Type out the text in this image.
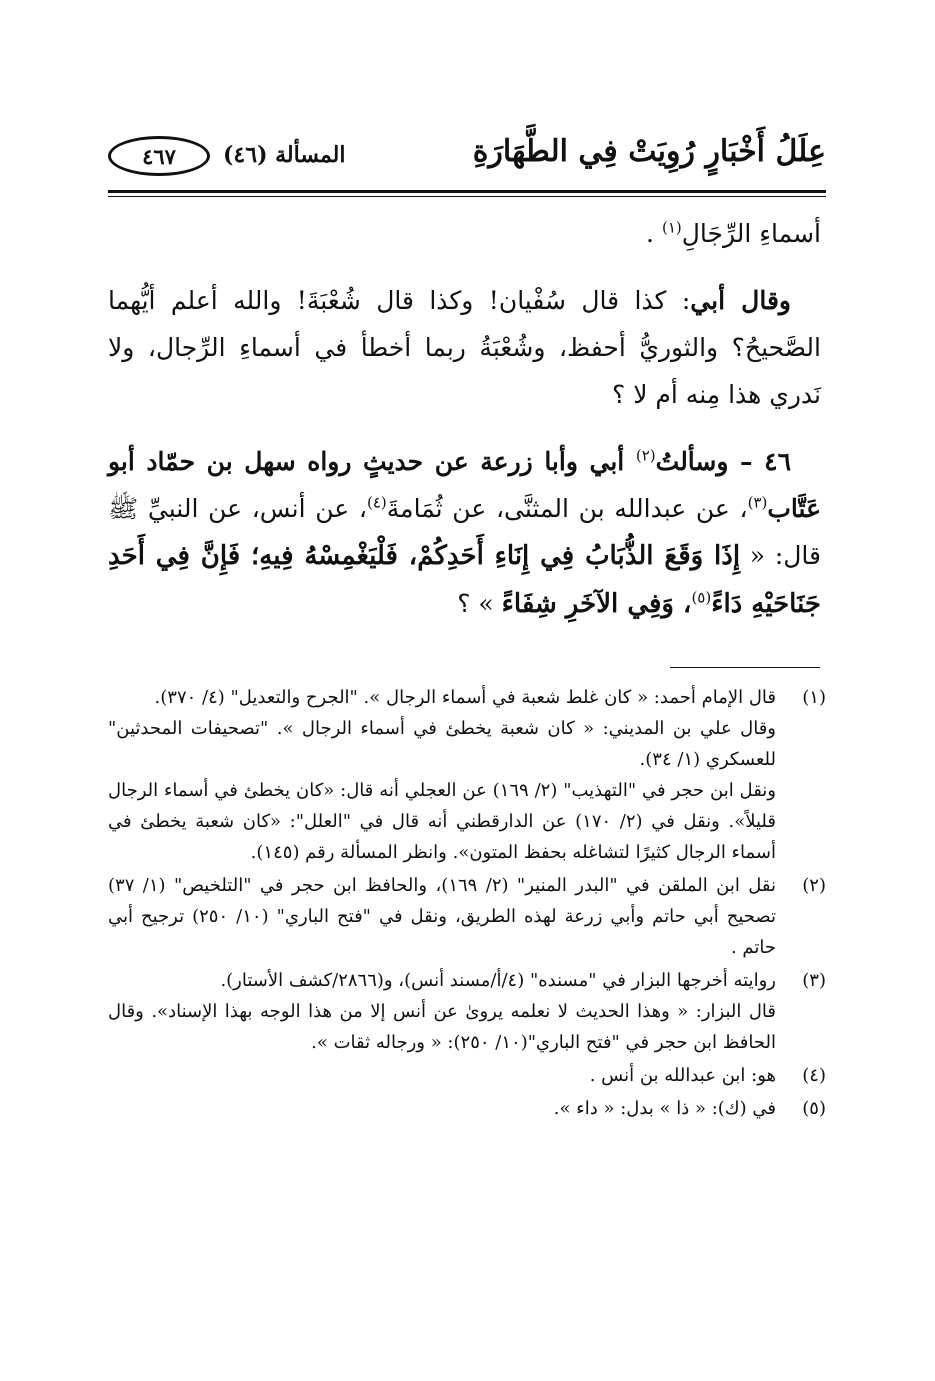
عِلَلُ أَخْبَارٍ رُوِيَتْ فِي الطَّهَارَةِ
المسألة (٤٦)
٤٦٧

أسماءِ الرِّجَالِ$^{(١)}$ .

وقال أبي: كذا قال سُفْيان! وكذا قال شُعْبَةَ! والله أعلم أيُّهما الصَّحيحُ؟ والثوريُّ أحفظ، وشُعْبَةُ ربما أخطأ في أسماءِ الرِّجال، ولا نَدري هذا مِنه أم لا ؟

٤٦ – وسألتُ$^{(٢)}$ أبي وأبا زرعة عن حديثٍ رواه سهل بن حمّاد أبو عَتَّاب$^{(٣)}$، عن عبدالله بن المثنَّى، عن ثُمَامةَ$^{(٤)}$، عن أنس، عن النبيِّ ﷺ قال: « إِذَا وَقَعَ الذُّبَابُ فِي إِنَاءِ أَحَدِكُمْ، فَلْيَغْمِسْهُ فِيهِ؛ فَإِنَّ فِي أَحَدِ جَنَاحَيْهِ دَاءً$^{(٥)}$، وَفِي الآخَرِ شِفَاءً » ؟

(١)

قال الإمام أحمد: « كان غلط شعبة في أسماء الرجال ». "الجرح والتعديل" (٤/ ٣٧٠).

وقال علي بن المديني: « كان شعبة يخطئ في أسماء الرجال ». "تصحيفات المحدثين" للعسكري (١/ ٣٤).

ونقل ابن حجر في "التهذيب" (٢/ ١٦٩) عن العجلي أنه قال: «كان يخطئ في أسماء الرجال قليلاً». ونقل في (٢/ ١٧٠) عن الدارقطني أنه قال في "العلل": «كان شعبة يخطئ في أسماء الرجال كثيرًا لتشاغله بحفظ المتون». وانظر المسألة رقم (١٤٥).

(٢)

نقل ابن الملقن في "البدر المنير" (٢/ ١٦٩)، والحافظ ابن حجر في "التلخيص" (١/ ٣٧) تصحيح أبي حاتم وأبي زرعة لهذه الطريق، ونقل في "فتح الباري" (١٠/ ٢٥٠) ترجيح أبي حاتم .

(٣)

روايته أخرجها البزار في "مسنده" (٤/أ/مسند أنس)، و(٢٨٦٦/كشف الأستار).

قال البزار: « وهذا الحديث لا نعلمه يروىٰ عن أنس إلا من هذا الوجه بهذا الإسناد». وقال الحافظ ابن حجر في "فتح الباري"(١٠/ ٢٥٠): « ورجاله ثقات ».

(٤)

هو: ابن عبدالله بن أنس .

(٥)

في (ك): « ذا » بدل: « داء ».
